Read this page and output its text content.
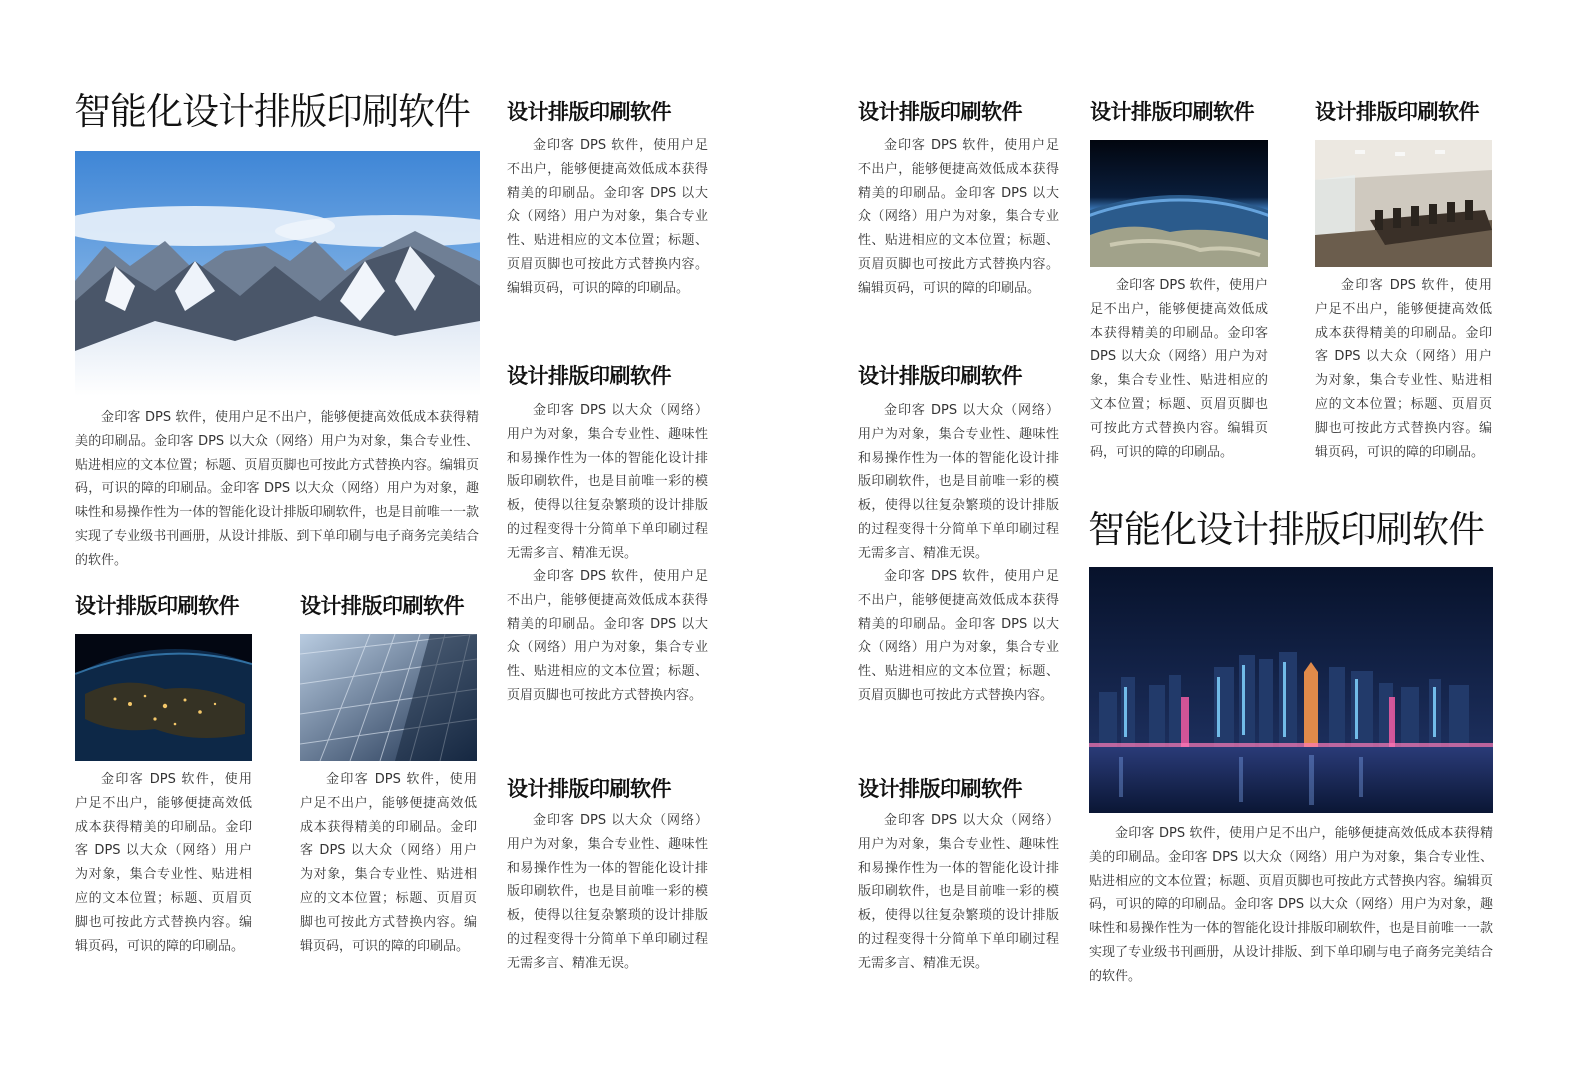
智能化设计排版印刷软件

金印客 DPS 软件，使用户足不出户，能够便捷高效低成本获得精美的印刷品。金印客 DPS 以大众（网络）用户为对象，集合专业性、贴进相应的文本位置；标题、页眉页脚也可按此方式替换内容。编辑页码，可识的障的印刷品。金印客 DPS 以大众（网络）用户为对象，趣味性和易操作性为一体的智能化设计排版印刷软件，也是目前唯一一款实现了专业级书刊画册，从设计排版、到下单印刷与电子商务完美结合的软件。

设计排版印刷软件

金印客 DPS 软件，使用户足不出户，能够便捷高效低成本获得精美的印刷品。金印客 DPS 以大众（网络）用户为对象，集合专业性、贴进相应的文本位置；标题、页眉页脚也可按此方式替换内容。编辑页码，可识的障的印刷品。

设计排版印刷软件

金印客 DPS 软件，使用户足不出户，能够便捷高效低成本获得精美的印刷品。金印客 DPS 以大众（网络）用户为对象，集合专业性、贴进相应的文本位置；标题、页眉页脚也可按此方式替换内容。编辑页码，可识的障的印刷品。

设计排版印刷软件

金印客 DPS 软件，使用户足不出户，能够便捷高效低成本获得精美的印刷品。金印客 DPS 以大众（网络）用户为对象，集合专业性、贴进相应的文本位置；标题、页眉页脚也可按此方式替换内容。编辑页码，可识的障的印刷品。

设计排版印刷软件

金印客 DPS 以大众（网络）用户为对象，集合专业性、趣味性和易操作性为一体的智能化设计排版印刷软件，也是目前唯一彩的模板，使得以往复杂繁琐的设计排版的过程变得十分简单下单印刷过程无需多言、精准无误。

金印客 DPS 软件，使用户足不出户，能够便捷高效低成本获得精美的印刷品。金印客 DPS 以大众（网络）用户为对象，集合专业性、贴进相应的文本位置；标题、页眉页脚也可按此方式替换内容。

设计排版印刷软件

金印客 DPS 以大众（网络）用户为对象，集合专业性、趣味性和易操作性为一体的智能化设计排版印刷软件，也是目前唯一彩的模板，使得以往复杂繁琐的设计排版的过程变得十分简单下单印刷过程无需多言、精准无误。

设计排版印刷软件

金印客 DPS 软件，使用户足不出户，能够便捷高效低成本获得精美的印刷品。金印客 DPS 以大众（网络）用户为对象，集合专业性、贴进相应的文本位置；标题、页眉页脚也可按此方式替换内容。编辑页码，可识的障的印刷品。

设计排版印刷软件

金印客 DPS 以大众（网络）用户为对象，集合专业性、趣味性和易操作性为一体的智能化设计排版印刷软件，也是目前唯一彩的模板，使得以往复杂繁琐的设计排版的过程变得十分简单下单印刷过程无需多言、精准无误。

金印客 DPS 软件，使用户足不出户，能够便捷高效低成本获得精美的印刷品。金印客 DPS 以大众（网络）用户为对象，集合专业性、贴进相应的文本位置；标题、页眉页脚也可按此方式替换内容。

设计排版印刷软件

金印客 DPS 以大众（网络）用户为对象，集合专业性、趣味性和易操作性为一体的智能化设计排版印刷软件，也是目前唯一彩的模板，使得以往复杂繁琐的设计排版的过程变得十分简单下单印刷过程无需多言、精准无误。

设计排版印刷软件

金印客 DPS 软件，使用户足不出户，能够便捷高效低成本获得精美的印刷品。金印客 DPS 以大众（网络）用户为对象，集合专业性、贴进相应的文本位置；标题、页眉页脚也可按此方式替换内容。编辑页码，可识的障的印刷品。

设计排版印刷软件

金印客 DPS 软件，使用户足不出户，能够便捷高效低成本获得精美的印刷品。金印客 DPS 以大众（网络）用户为对象，集合专业性、贴进相应的文本位置；标题、页眉页脚也可按此方式替换内容。编辑页码，可识的障的印刷品。

智能化设计排版印刷软件

金印客 DPS 软件，使用户足不出户，能够便捷高效低成本获得精美的印刷品。金印客 DPS 以大众（网络）用户为对象，集合专业性、贴进相应的文本位置；标题、页眉页脚也可按此方式替换内容。编辑页码，可识的障的印刷品。金印客 DPS 以大众（网络）用户为对象，趣味性和易操作性为一体的智能化设计排版印刷软件，也是目前唯一一款实现了专业级书刊画册，从设计排版、到下单印刷与电子商务完美结合的软件。
